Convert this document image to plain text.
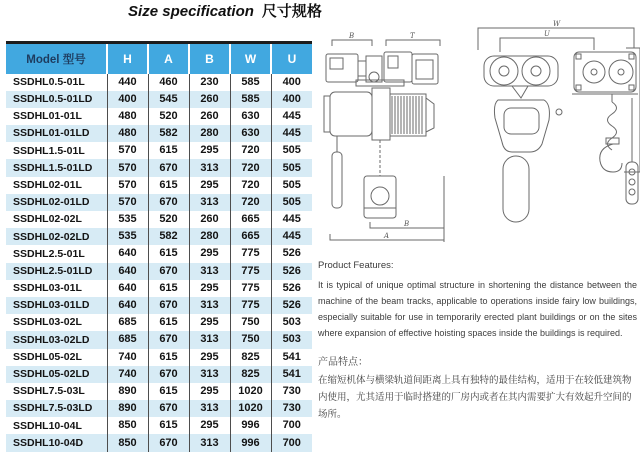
Size specification 尺寸规格
Model 型号	H	A	B	W	U
SSDHL0.5-01L	440	460	230	585	400
SSDHL0.5-01LD	400	545	260	585	400
SSDHL01-01L	480	520	260	630	445
SSDHL01-01LD	480	582	280	630	445
SSDHL1.5-01L	570	615	295	720	505
SSDHL1.5-01LD	570	670	313	720	505
SSDHL02-01L	570	615	295	720	505
SSDHL02-01LD	570	670	313	720	505
SSDHL02-02L	535	520	260	665	445
SSDHL02-02LD	535	582	280	665	445
SSDHL2.5-01L	640	615	295	775	526
SSDHL2.5-01LD	640	670	313	775	526
SSDHL03-01L	640	615	295	775	526
SSDHL03-01LD	640	670	313	775	526
SSDHL03-02L	685	615	295	750	503
SSDHL03-02LD	685	670	313	750	503
SSDHL05-02L	740	615	295	825	541
SSDHL05-02LD	740	670	313	825	541
SSDHL7.5-03L	890	615	295	1020	730
SSDHL7.5-03LD	890	670	313	1020	730
SSDHL10-04L	850	615	295	996	700
SSDHL10-04D	850	670	313	996	700
B	T
B
A
W
U
Product Features:
It is typical of unique optimal structure in shortening the distance between the machine of the beam tracks, applicable to operations inside fairy low buildings, especially suitable for use in temporarily erected plant buildings or on the sites where expansion of effective hoisting spaces inside the buildings is required.
产品特点：
在缩短机体与横梁轨道间距离上具有独特的最佳结构，适用于在较低建筑物内使用，尤其适用于临时搭建的厂房内或者在其内需要扩大有效起升空间的场所。
